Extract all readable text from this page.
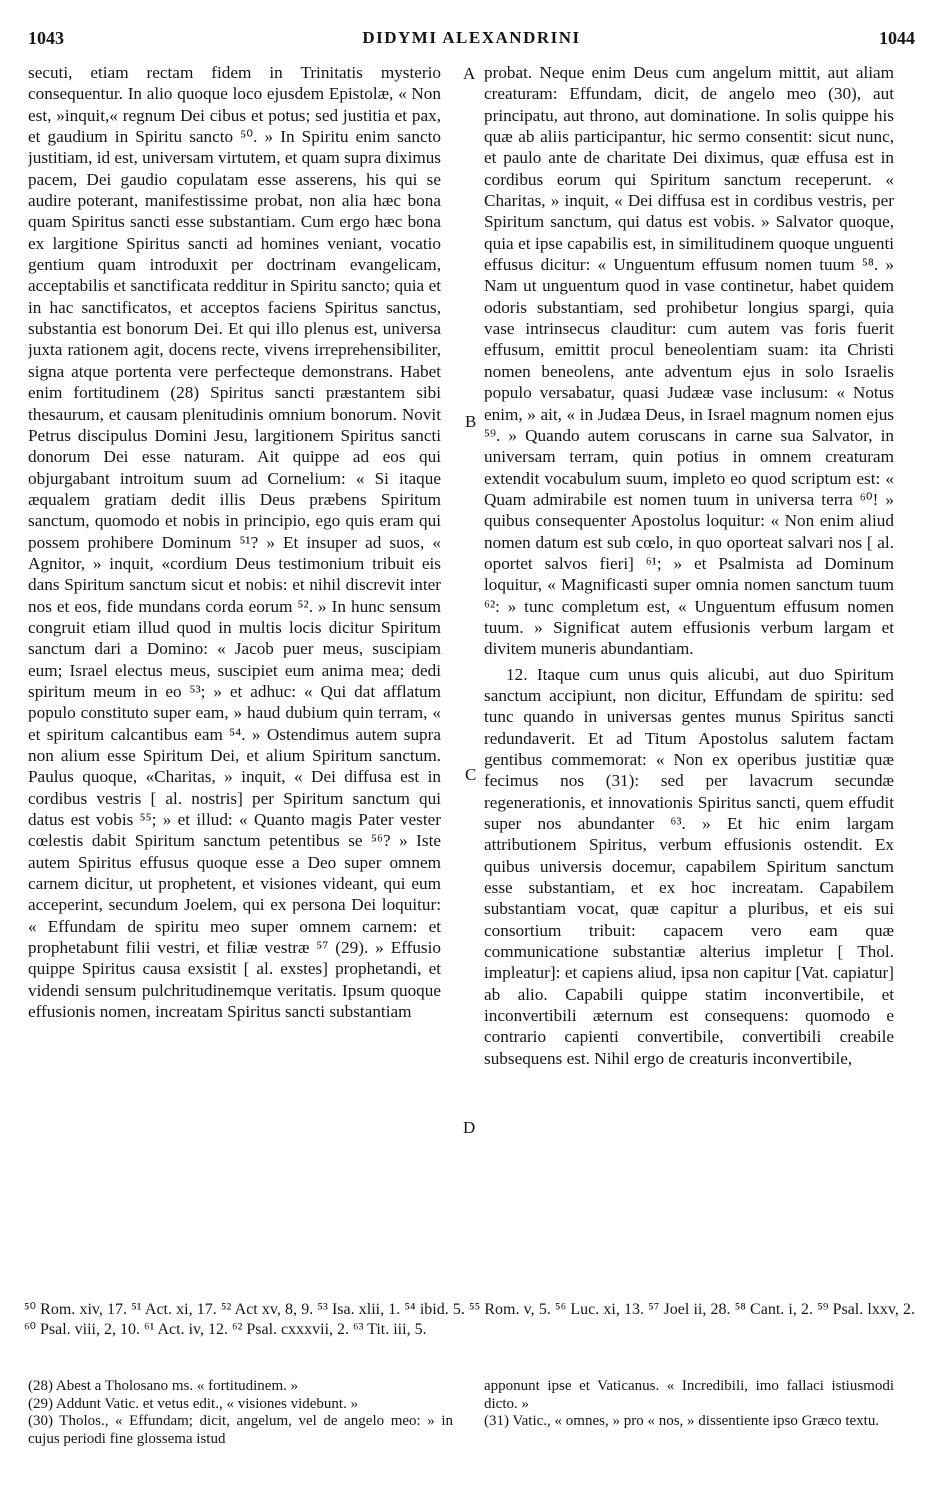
1043	DIDYMI ALEXANDRINI	1044

secuti, etiam rectam fidem in Trinitatis mysterio consequentur. In alio quoque loco ejusdem Epistolæ, « Non est, »inquit,« regnum Dei cibus et potus; sed justitia et pax, et gaudium in Spiritu sancto ⁵⁰. » In Spiritu enim sancto justitiam, id est, universam virtutem, et quam supra diximus pacem, Dei gaudio copulatam esse asserens, his qui se audire poterant, manifestissime probat, non alia hæc bona quam Spiritus sancti esse substantiam. Cum ergo hæc bona ex largitione Spiritus sancti ad homines veniant, vocatio gentium quam introduxit per doctrinam evangelicam, acceptabilis et sanctificata redditur in Spiritu sancto; quia et in hac sanctificatos, et acceptos faciens Spiritus sanctus, substantia est bonorum Dei. Et qui illo plenus est, universa juxta rationem agit, docens recte, vivens irreprehensibiliter, signa atque portenta vere perfecteque demonstrans. Habet enim fortitudinem (28) Spiritus sancti præstantem sibi thesaurum, et causam plenitudinis omnium bonorum. Novit Petrus discipulus Domini Jesu, largitionem Spiritus sancti donorum Dei esse naturam. Ait quippe ad eos qui objurgabant introitum suum ad Cornelium: « Si itaque æqualem gratiam dedit illis Deus præbens Spiritum sanctum, quomodo et nobis in principio, ego quis eram qui possem prohibere Dominum ⁵¹? » Et insuper ad suos, « Agnitor, » inquit, «cordium Deus testimonium tribuit eis dans Spiritum sanctum sicut et nobis: et nihil discrevit inter nos et eos, fide mundans corda eorum ⁵². » In hunc sensum congruit etiam illud quod in multis locis dicitur Spiritum sanctum dari a Domino: « Jacob puer meus, suscipiam eum; Israel electus meus, suscipiet eum anima mea; dedi spiritum meum in eo ⁵³; » et adhuc: « Qui dat afflatum populo constituto super eam, » haud dubium quin terram, « et spiritum calcantibus eam ⁵⁴. » Ostendimus autem supra non alium esse Spiritum Dei, et alium Spiritum sanctum. Paulus quoque, «Charitas, » inquit, « Dei diffusa est in cordibus vestris [ al. nostris] per Spiritum sanctum qui datus est vobis ⁵⁵; » et illud: « Quanto magis Pater vester cœlestis dabit Spiritum sanctum petentibus se ⁵⁶? » Iste autem Spiritus effusus quoque esse a Deo super omnem carnem dicitur, ut prophetent, et visiones videant, qui eum acceperint, secundum Joelem, qui ex persona Dei loquitur: « Effundam de spiritu meo super omnem carnem: et prophetabunt filii vestri, et filiæ vestræ ⁵⁷ (29). » Effusio quippe Spiritus causa exsistit [ al. exstes] prophetandi, et videndi sensum pulchritudinemque veritatis. Ipsum quoque effusionis nomen, increatam Spiritus sancti substantiam

A
B
C
D

probat. Neque enim Deus cum angelum mittit, aut aliam creaturam: Effundam, dicit, de angelo meo (30), aut principatu, aut throno, aut dominatione. In solis quippe his quæ ab aliis participantur, hic sermo consentit: sicut nunc, et paulo ante de charitate Dei diximus, quæ effusa est in cordibus eorum qui Spiritum sanctum receperunt. « Charitas, » inquit, « Dei diffusa est in cordibus vestris, per Spiritum sanctum, qui datus est vobis. » Salvator quoque, quia et ipse capabilis est, in similitudinem quoque unguenti effusus dicitur: « Unguentum effusum nomen tuum ⁵⁸. » Nam ut unguentum quod in vase continetur, habet quidem odoris substantiam, sed prohibetur longius spargi, quia vase intrinsecus clauditur: cum autem vas foris fuerit effusum, emittit procul beneolentiam suam: ita Christi nomen beneolens, ante adventum ejus in solo Israelis populo versabatur, quasi Judææ vase inclusum: « Notus enim, » ait, « in Judæa Deus, in Israel magnum nomen ejus ⁵⁹. » Quando autem coruscans in carne sua Salvator, in universam terram, quin potius in omnem creaturam extendit vocabulum suum, impleto eo quod scriptum est: « Quam admirabile est nomen tuum in universa terra ⁶⁰! » quibus consequenter Apostolus loquitur: « Non enim aliud nomen datum est sub cœlo, in quo oporteat salvari nos [ al. oportet salvos fieri] ⁶¹; » et Psalmista ad Dominum loquitur, « Magnificasti super omnia nomen sanctum tuum ⁶²: » tunc completum est, « Unguentum effusum nomen tuum. » Significat autem effusionis verbum largam et divitem muneris abundantiam.

12. Itaque cum unus quis alicubi, aut duo Spiritum sanctum accipiunt, non dicitur, Effundam de spiritu: sed tunc quando in universas gentes munus Spiritus sancti redundaverit. Et ad Titum Apostolus salutem factam gentibus commemorat: « Non ex operibus justitiæ quæ fecimus nos (31): sed per lavacrum secundæ regenerationis, et innovationis Spiritus sancti, quem effudit super nos abundanter ⁶³. » Et hic enim largam attributionem Spiritus, verbum effusionis ostendit. Ex quibus universis docemur, capabilem Spiritum sanctum esse substantiam, et ex hoc increatam. Capabilem substantiam vocat, quæ capitur a pluribus, et eis sui consortium tribuit: capacem vero eam quæ communicatione substantiæ alterius impletur [ Thol. impleatur]: et capiens aliud, ipsa non capitur [Vat. capiatur] ab alio. Capabili quippe statim inconvertibile, et inconvertibili æternum est consequens: quomodo e contrario capienti convertibile, convertibili creabile subsequens est. Nihil ergo de creaturis inconvertibile,

⁵⁰ Rom. xiv, 17. ⁵¹ Act. xi, 17. ⁵² Act xv, 8, 9. ⁵³ Isa. xlii, 1. ⁵⁴ ibid. 5. ⁵⁵ Rom. v, 5. ⁵⁶ Luc. xi, 13. ⁵⁷ Joel ii, 28. ⁵⁸ Cant. i, 2. ⁵⁹ Psal. lxxv, 2. ⁶⁰ Psal. viii, 2, 10. ⁶¹ Act. iv, 12. ⁶² Psal. cxxxvii, 2. ⁶³ Tit. iii, 5.

(28) Abest a Tholosano ms. « fortitudinem. »

(29) Addunt Vatic. et vetus edit., « visiones videbunt. »

(30) Tholos., « Effundam; dicit, angelum, vel de angelo meo: » in cujus periodi fine glossema istud

apponunt ipse et Vaticanus. « Incredibili, imo fallaci istiusmodi dicto. »

(31) Vatic., « omnes, » pro « nos, » dissentiente ipso Græco textu.
